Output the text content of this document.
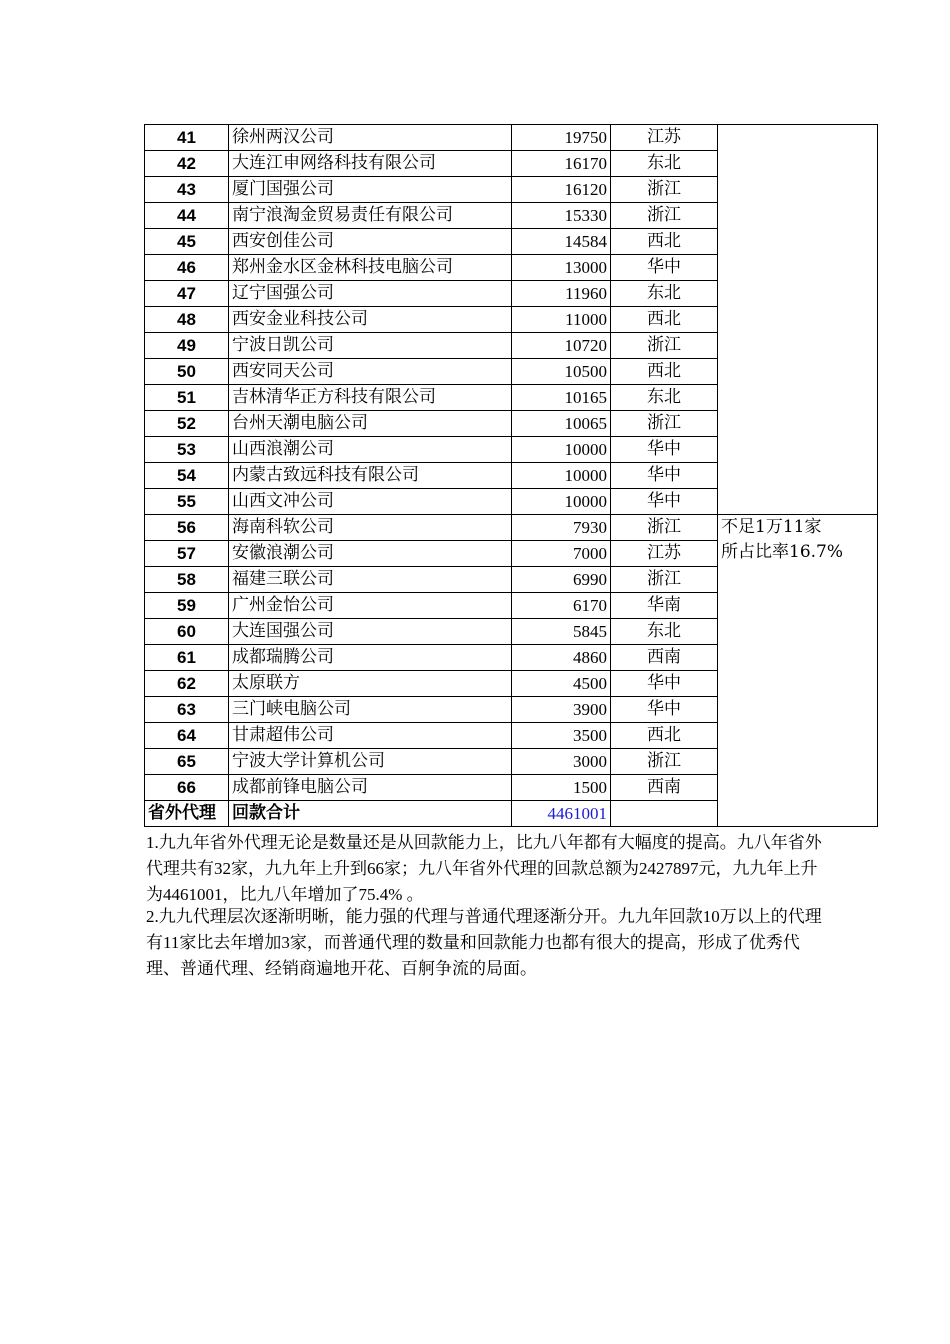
41	徐州两汉公司	19750	江苏	
42	大连江申网络科技有限公司	16170	东北	
43	厦门国强公司	16120	浙江	
44	南宁浪淘金贸易责任有限公司	15330	浙江	
45	西安创佳公司	14584	西北	
46	郑州金水区金林科技电脑公司	13000	华中	
47	辽宁国强公司	11960	东北	
48	西安金业科技公司	11000	西北	
49	宁波日凯公司	10720	浙江	
50	西安同天公司	10500	西北	
51	吉林清华正方科技有限公司	10165	东北	
52	台州天潮电脑公司	10065	浙江	
53	山西浪潮公司	10000	华中	
54	内蒙古致远科技有限公司	10000	华中	
55	山西文冲公司	10000	华中	
56	海南科软公司	7930	浙江	不足1万11家
所占比率16.7%

57	安徽浪潮公司	7000	江苏	
58	福建三联公司	6990	浙江	
59	广州金怡公司	6170	华南	
60	大连国强公司	5845	东北	
61	成都瑞腾公司	4860	西南	
62	太原联方	4500	华中	
63	三门峡电脑公司	3900	华中	
64	甘肃超伟公司	3500	西北	
65	宁波大学计算机公司	3000	浙江	
66	成都前锋电脑公司	1500	西南	
省外代理	回款合计	4461001		
1.九九年省外代理无论是数量还是从回款能力上，比九八年都有大幅度的提高。九八年省外代理共有32家，九九年上升到66家；九八年省外代理的回款总额为2427897元，九九年上升为4461001，比九八年增加了75.4% 。
2.九九代理层次逐渐明晰，能力强的代理与普通代理逐渐分开。九九年回款10万以上的代理有11家比去年增加3家，而普通代理的数量和回款能力也都有很大的提高，形成了优秀代理、普通代理、经销商遍地开花、百舸争流的局面。
